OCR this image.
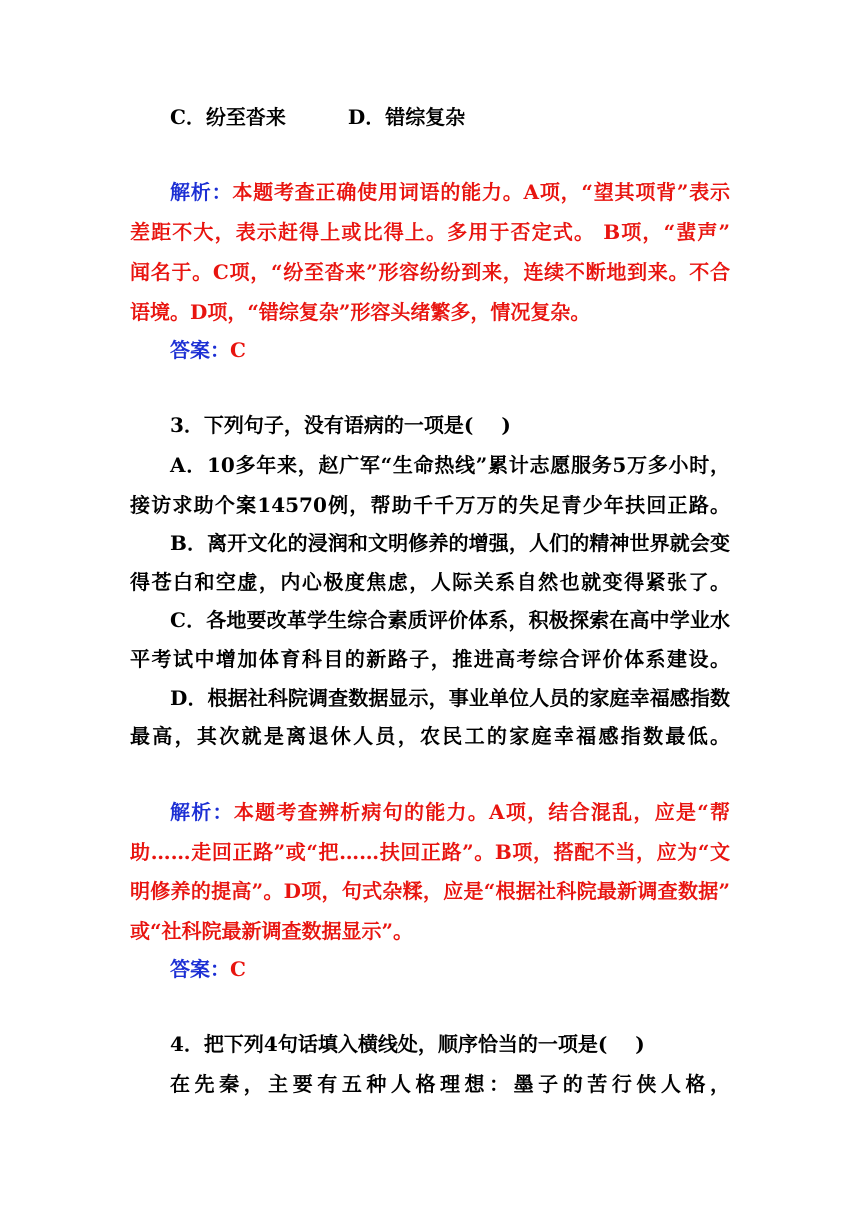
C．纷至沓来	D．错综复杂
解析：本题考查正确使用词语的能力。A项，“望其项背”表示
差距不大，表示赶得上或比得上。多用于否定式。 B项，“蜚声”
闻名于。C项，“纷至沓来”形容纷纷到来，连续不断地到来。不合
语境。D项，“错综复杂”形容头绪繁多，情况复杂。
答案：C
3．下列句子，没有语病的一项是( )
A．10多年来，赵广军“生命热线”累计志愿服务5万多小时，
接访求助个案14570例，帮助千千万万的失足青少年扶回正路。
B．离开文化的浸润和文明修养的增强，人们的精神世界就会变
得苍白和空虚，内心极度焦虑，人际关系自然也就变得紧张了。
C．各地要改革学生综合素质评价体系，积极探索在高中学业水
平考试中增加体育科目的新路子，推进高考综合评价体系建设。
D．根据社科院调查数据显示，事业单位人员的家庭幸福感指数
最高，其次就是离退休人员，农民工的家庭幸福感指数最低。
解析：本题考查辨析病句的能力。A项，结合混乱，应是“帮
助……走回正路”或“把……扶回正路”。B项，搭配不当，应为“文
明修养的提高”。D项，句式杂糅，应是“根据社科院最新调查数据”
或“社科院最新调查数据显示”。
答案：C
4．把下列4句话填入横线处，顺序恰当的一项是( )
在先秦，主要有五种人格理想：墨子的苦行侠人格，
